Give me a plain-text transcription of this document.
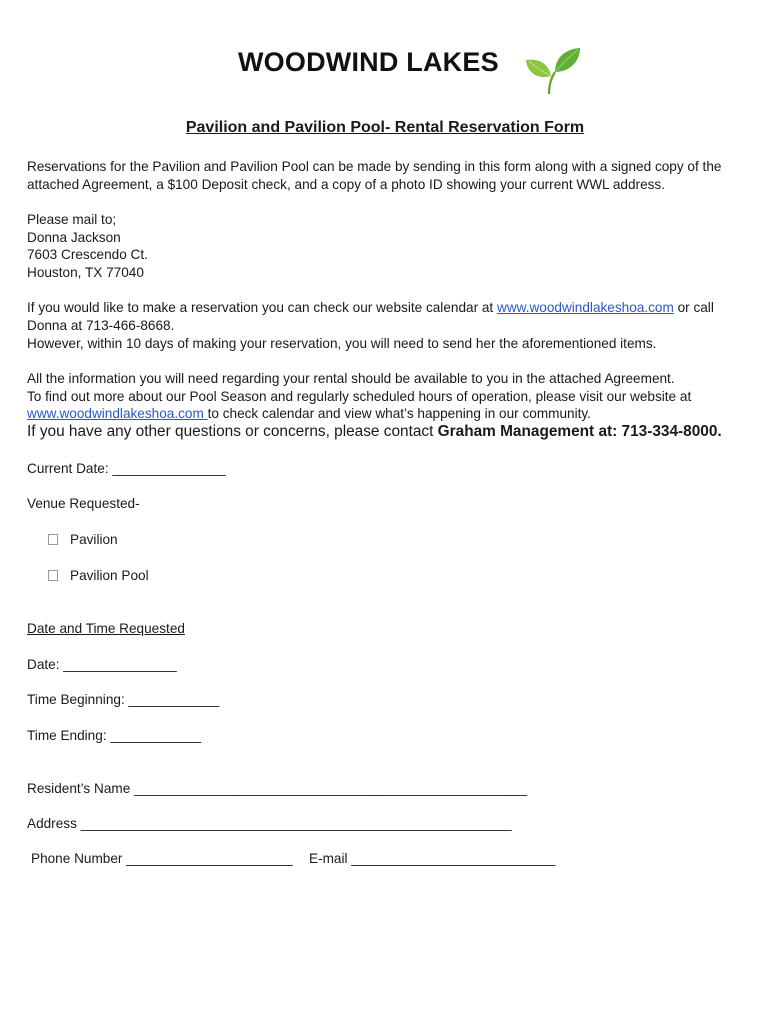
WOODWIND LAKES
Pavilion and Pavilion Pool- Rental Reservation Form
Reservations for the Pavilion and Pavilion Pool can be made by sending in this form along with a signed copy of the
attached Agreement, a $100 Deposit check, and a copy of a photo ID showing your current WWL address.
Please mail to;
Donna Jackson
7603 Crescendo Ct.
Houston, TX 77040
If you would like to make a reservation you can check our website calendar at www.woodwindlakeshoa.com or call
Donna at 713-466-8668.
However, within 10 days of making your reservation, you will need to send her the aforementioned items.
All the information you will need regarding your rental should be available to you in the attached Agreement.
To find out more about our Pool Season and regularly scheduled hours of operation, please visit our website at
www.woodwindlakeshoa.com to check calendar and view what’s happening in our community.
If you have any other questions or concerns, please contact Graham Management at: 713-334-8000.
Current Date: _______________
Venue Requested-
Pavilion
Pavilion Pool
Date and Time Requested
Date: _______________
Time Beginning: ____________
Time Ending: ____________
Resident’s Name ____________________________________________________
Address _________________________________________________________
Phone Number ______________________	E-mail ___________________________
